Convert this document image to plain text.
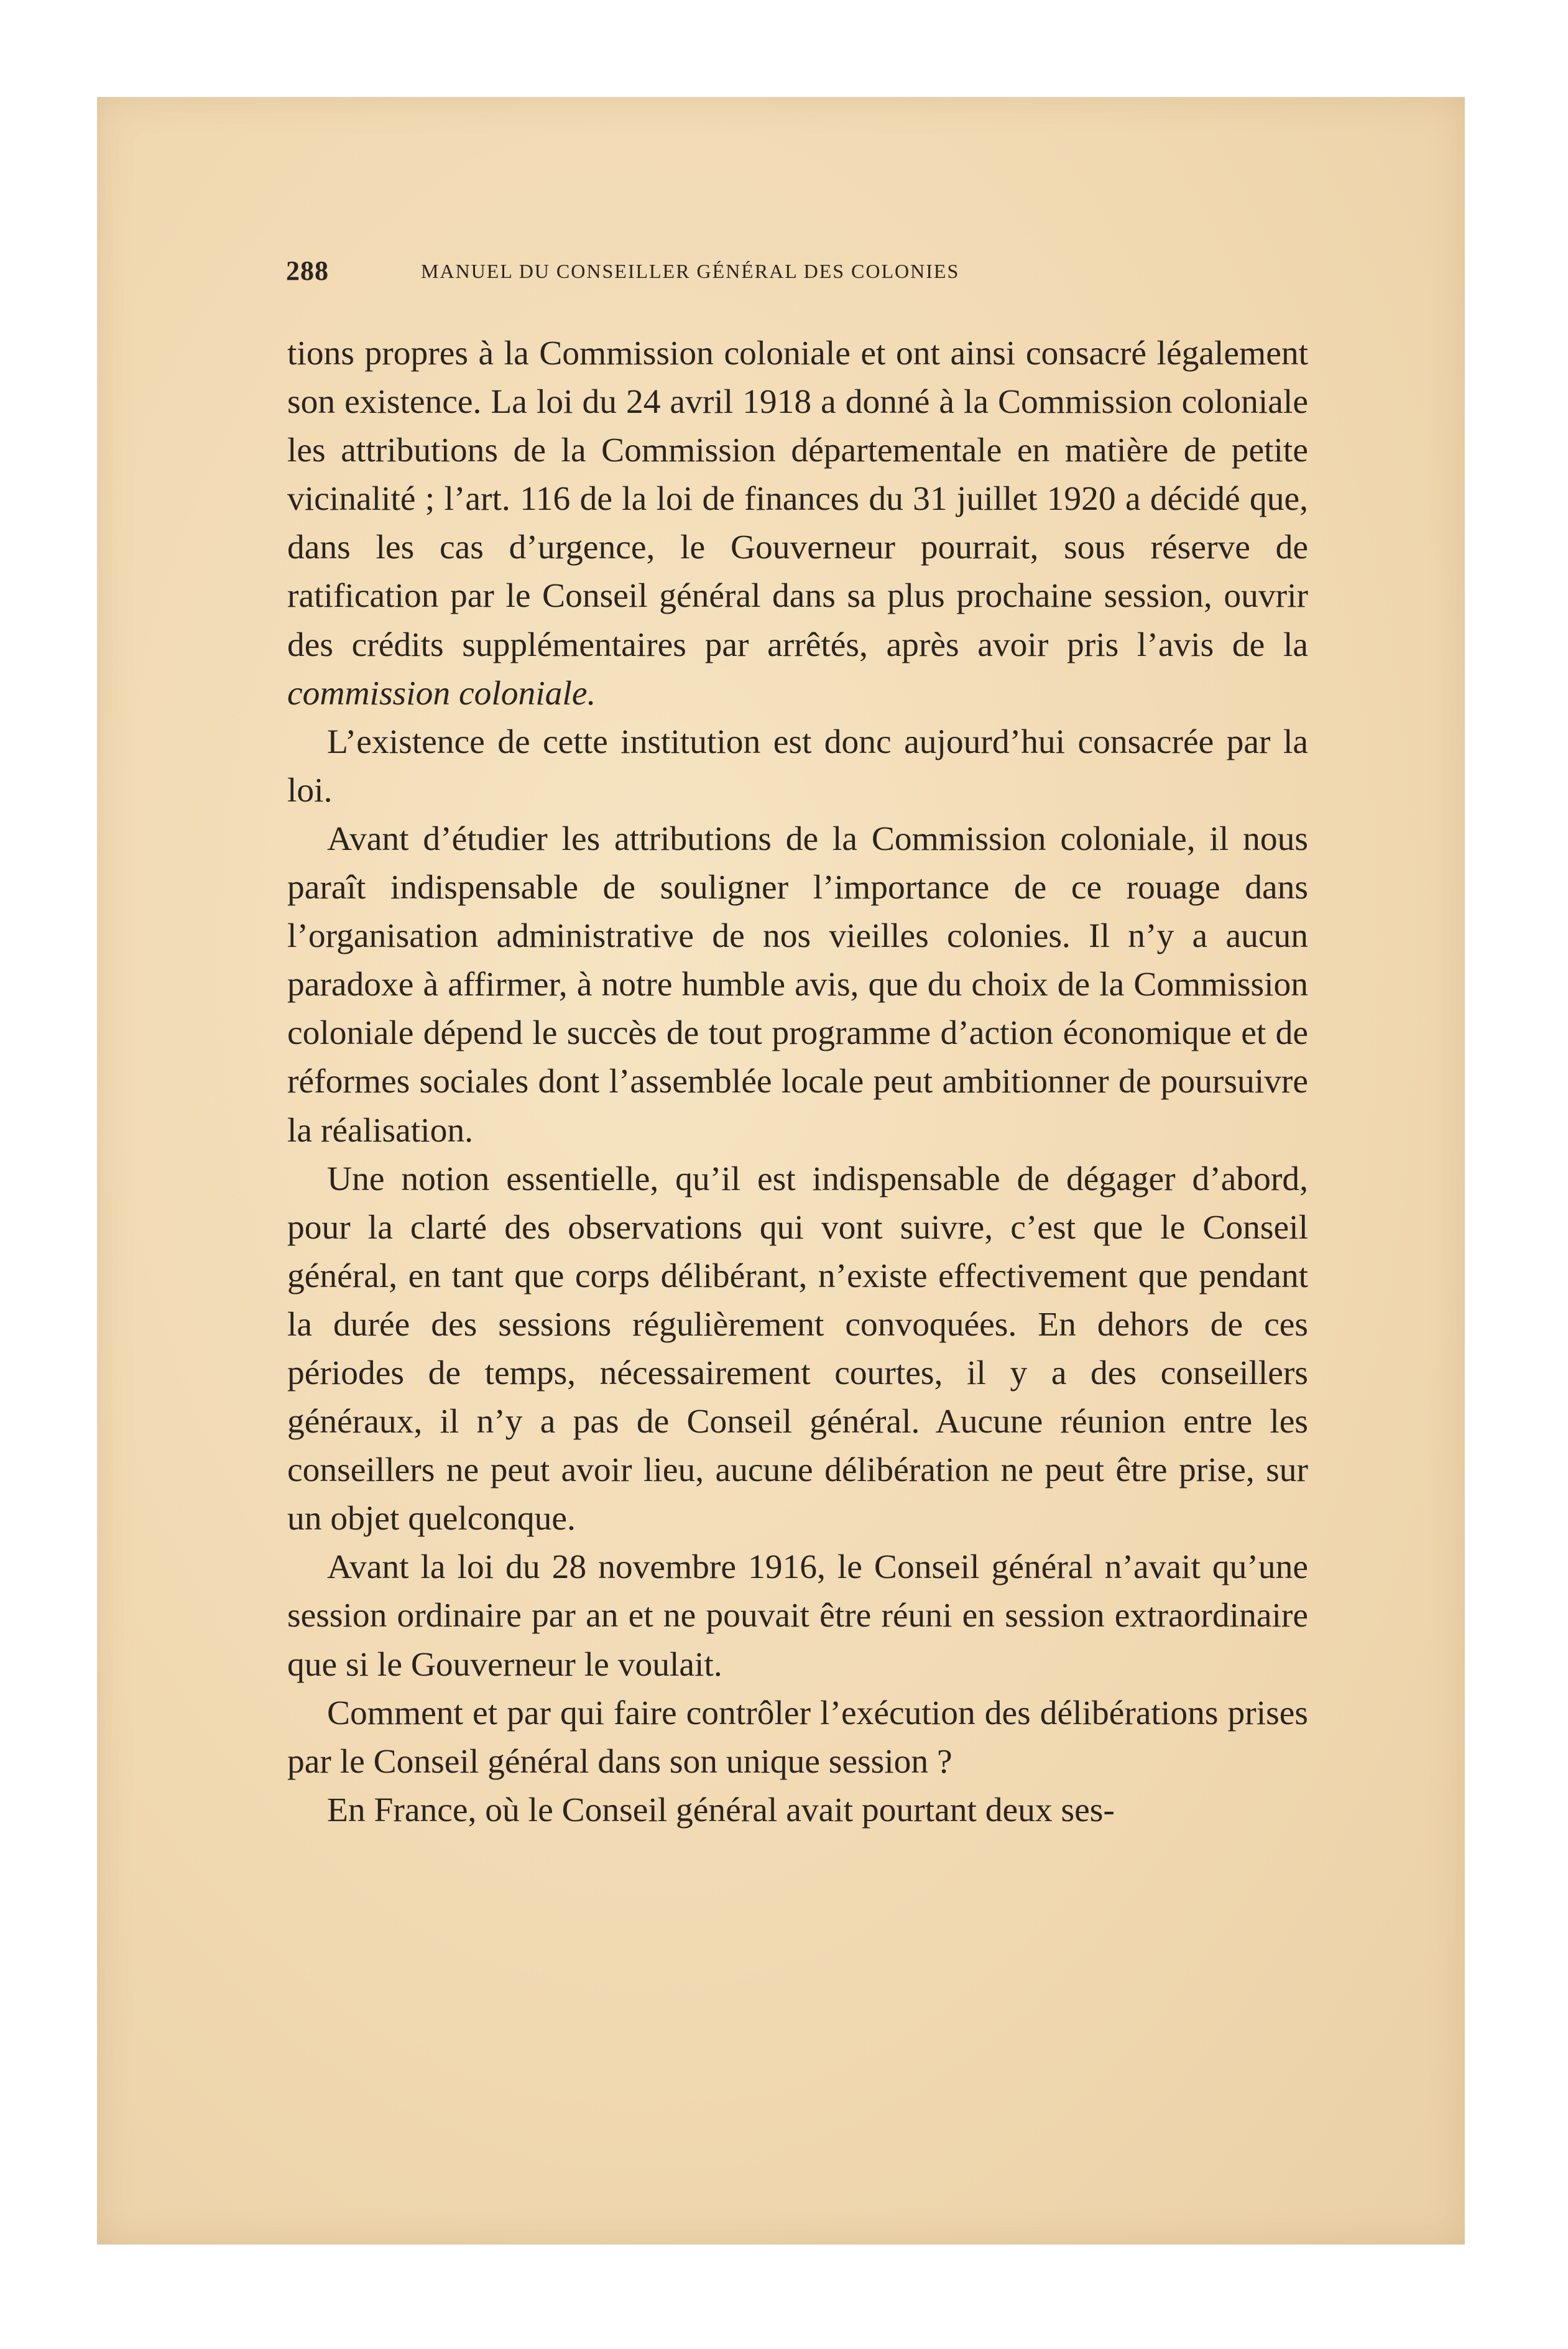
288	MANUEL DU CONSEILLER GÉNÉRAL DES COLONIES

tions propres à la Commission coloniale et ont ainsi consacré légalement son existence. La loi du 24 avril 1918 a donné à la Commission coloniale les attributions de la Commission départementale en matière de petite vicinalité ; l’art. 116 de la loi de finances du 31 juillet 1920 a décidé que, dans les cas d’urgence, le Gouverneur pourrait, sous réserve de ratification par le Conseil général dans sa plus prochaine session, ouvrir des crédits supplémentaires par arrêtés, après avoir pris l’avis de la commission coloniale.

L’existence de cette institution est donc aujourd’hui consacrée par la loi.

Avant d’étudier les attributions de la Commission coloniale, il nous paraît indispensable de souligner l’importance de ce rouage dans l’organisation administrative de nos vieilles colonies. Il n’y a aucun paradoxe à affirmer, à notre humble avis, que du choix de la Commission coloniale dépend le succès de tout programme d’action économique et de réformes sociales dont l’assemblée locale peut ambitionner de poursuivre la réalisation.

Une notion essentielle, qu’il est indispensable de dégager d’abord, pour la clarté des observations qui vont suivre, c’est que le Conseil général, en tant que corps délibérant, n’existe effectivement que pendant la durée des sessions régulièrement convoquées. En dehors de ces périodes de temps, nécessairement courtes, il y a des conseillers généraux, il n’y a pas de Conseil général. Aucune réunion entre les conseillers ne peut avoir lieu, aucune délibération ne peut être prise, sur un objet quelconque.

Avant la loi du 28 novembre 1916, le Conseil général n’avait qu’une session ordinaire par an et ne pouvait être réuni en session extraordinaire que si le Gouverneur le voulait.

Comment et par qui faire contrôler l’exécution des délibérations prises par le Conseil général dans son unique session ?

En France, où le Conseil général avait pourtant deux ses-
